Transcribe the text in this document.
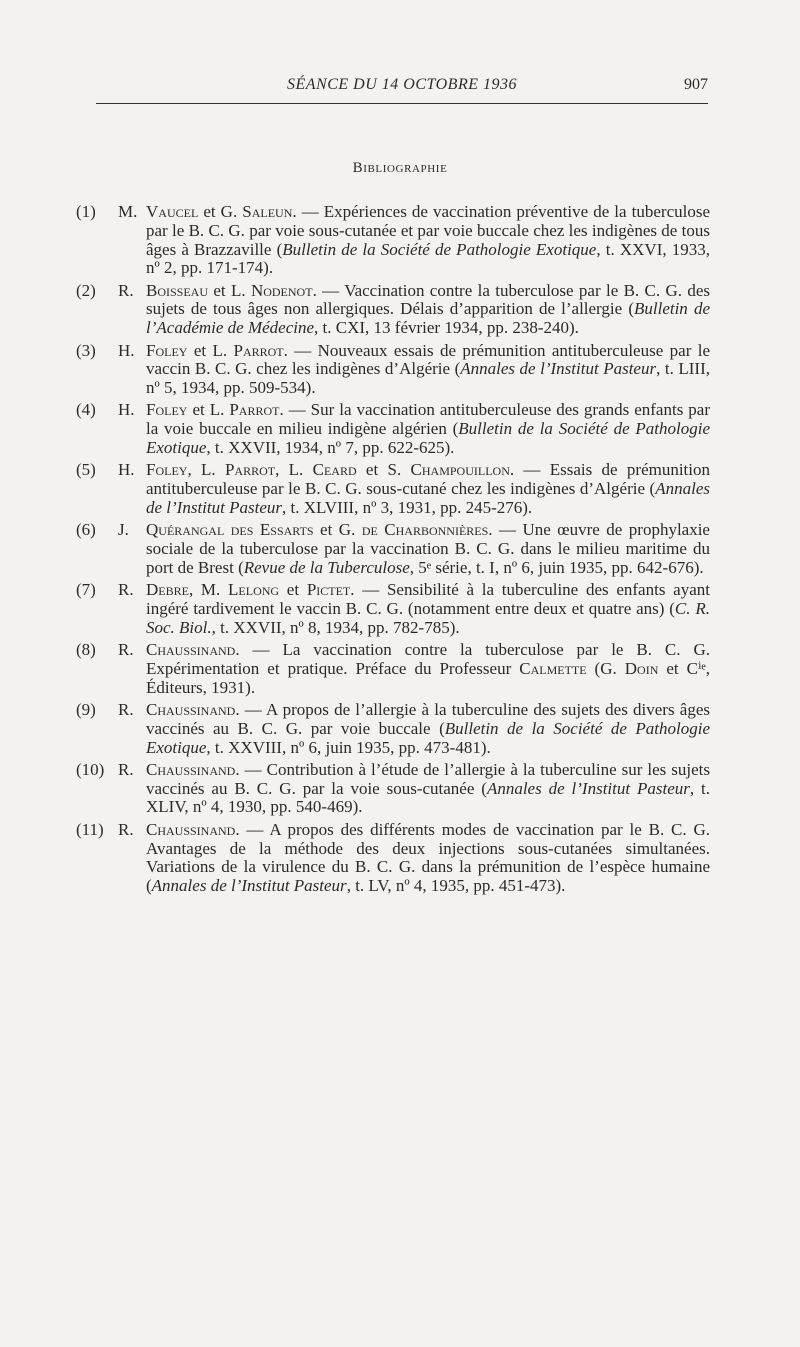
SÉANCE DU 14 OCTOBRE 1936	907
Bibliographie
(1)	M. Vaucel et G. Saleun. — Expériences de vaccination préventive de la tuberculose par le B. C. G. par voie sous-cutanée et par voie buccale chez les indigènes de tous âges à Brazzaville (Bulletin de la Société de Pathologie Exotique, t. XXVI, 1933, nº 2, pp. 171-174).
(2)	R. Boisseau et L. Nodenot. — Vaccination contre la tuberculose par le B. C. G. des sujets de tous âges non allergiques. Délais d’apparition de l’allergie (Bulletin de l’Académie de Médecine, t. CXI, 13 février 1934, pp. 238-240).
(3)	H. Foley et L. Parrot. — Nouveaux essais de prémunition antituberculeuse par le vaccin B. C. G. chez les indigènes d’Algérie (Annales de l’Institut Pasteur, t. LIII, nº 5, 1934, pp. 509-534).
(4)	H. Foley et L. Parrot. — Sur la vaccination antituberculeuse des grands enfants par la voie buccale en milieu indigène algérien (Bulletin de la Société de Pathologie Exotique, t. XXVII, 1934, nº 7, pp. 622-625).
(5)	H. Foley, L. Parrot, L. Ceard et S. Champouillon. — Essais de prémunition antituberculeuse par le B. C. G. sous-cutané chez les indigènes d’Algérie (Annales de l’Institut Pasteur, t. XLVIII, nº 3, 1931, pp. 245-276).
(6)	J.	Quérangal des Essarts et G. de Charbonnières. — Une œuvre de prophylaxie sociale de la tuberculose par la vaccination B. C. G. dans le milieu maritime du port de Brest (Revue de la Tuberculose, 5ᵉ série, t. I, nº 6, juin 1935, pp. 642-676).
(7)	R. Debre, M. Lelong et Pictet. — Sensibilité à la tuberculine des enfants ayant ingéré tardivement le vaccin B. C. G. (notamment entre deux et quatre ans) (C. R. Soc. Biol., t. XXVII, nº 8, 1934, pp. 782-785).
(8)	R. Chaussinand. — La vaccination contre la tuberculose par le B. C. G. Expérimentation et pratique. Préface du Professeur Calmette (G. Doin et Cⁱᵉ, Éditeurs, 1931).
(9)	R. Chaussinand. — A propos de l’allergie à la tuberculine des sujets des divers âges vaccinés au B. C. G. par voie buccale (Bulletin de la Société de Pathologie Exotique, t. XXVIII, nº 6, juin 1935, pp. 473-481).
(10) R. Chaussinand. — Contribution à l’étude de l’allergie à la tuberculine sur les sujets vaccinés au B. C. G. par la voie sous-cutanée (Annales de l’Institut Pasteur, t. XLIV, nº 4, 1930, pp. 540-469).
(11) R. Chaussinand. — A propos des différents modes de vaccination par le B. C. G. Avantages de la méthode des deux injections sous-cutanées simultanées. Variations de la virulence du B. C. G. dans la prémunition de l’espèce humaine (Annales de l’Institut Pasteur, t. LV, nº 4, 1935, pp. 451-473).
